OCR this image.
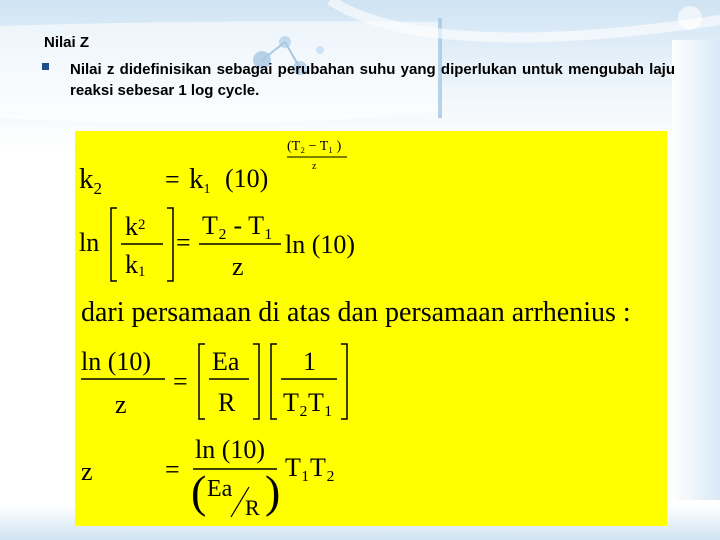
Nilai Z
Nilai z didefinisikan sebagai perubahan suhu yang diperlukan untuk mengubah laju reaksi sebesar 1 log cycle.
$k_2 = k1$ (10)
(T₂ − T₁ )
z
ln
$k^2$
k1
=
T₂ - T₁
z
ln (10)
dari persamaan di atas dan persamaan arrhenius :
ln (10)
z
=
Ea
R
1
T₂T₁
z	=
ln (10)
( Ea
R ) T₁T₂
